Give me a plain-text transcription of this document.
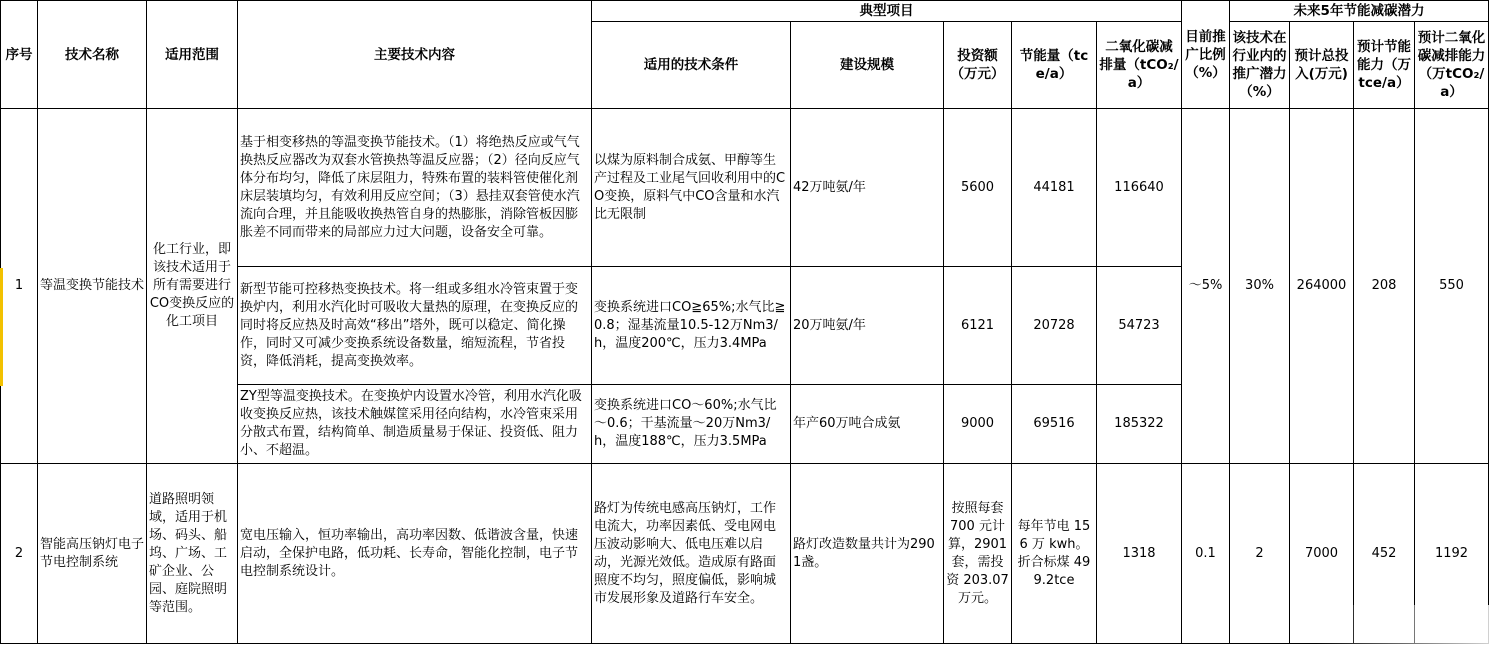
序号	技术名称	适用范围	主要技术内容	典型项目					目前推广比例（%）	未来5年节能减碳潜力			
				适用的技术条件	建设规模	投资额（万元）	节能量（tce/a）	二氧化碳减排量（tCO₂/a）		该技术在行业内的推广潜力（%）	预计总投入(万元)	预计节能能力（万tce/a）	预计二氧化碳减排能力（万tCO₂/a）
1	等温变换节能技术	化工行业，即该技术适用于所有需要进行CO变换反应的化工项目	基于相变移热的等温变换节能技术。（1）将绝热反应或气气换热反应器改为双套水管换热等温反应器；（2）径向反应气体分布均匀，降低了床层阻力，特殊布置的装料管使催化剂床层装填均匀，有效利用反应空间；（3）悬挂双套管使水汽流向合理，并且能吸收换热管自身的热膨胀，消除管板因膨胀差不同而带来的局部应力过大问题，设备安全可靠。	以煤为原料制合成氨、甲醇等生产过程及工业尾气回收利用中的CO变换，原料气中CO含量和水汽比无限制	42万吨氨/年	5600	44181	116640	～5%	30%	264000	208	550
			新型节能可控移热变换技术。将一组或多组水冷管束置于变换炉内，利用水汽化时可吸收大量热的原理，在变换反应的同时将反应热及时高效“移出”塔外，既可以稳定、简化操作，同时又可减少变换系统设备数量，缩短流程，节省投资，降低消耗，提高变换效率。	变换系统进口CO≧65%;水气比≧0.8；湿基流量10.5-12万Nm3/h，温度200℃，压力3.4MPa	20万吨氨/年	6121	20728	54723					
			ZY型等温变换技术。在变换炉内设置水冷管，利用水汽化吸收变换反应热，该技术触媒筐采用径向结构，水冷管束采用分散式布置，结构简单、制造质量易于保证、投资低、阻力小、不超温。	变换系统进口CO～60%;水气比～0.6；干基流量～20万Nm3/h，温度188℃，压力3.5MPa	年产60万吨合成氨	9000	69516	185322					
2	智能高压钠灯电子节电控制系统	道路照明领域，适用于机场、码头、船坞、广场、工矿企业、公园、庭院照明等范围。	宽电压输入，恒功率输出，高功率因数、低谐波含量，快速启动，全保护电路，低功耗、长寿命，智能化控制，电子节电控制系统设计。	路灯为传统电感高压钠灯，工作电流大，功率因素低、受电网电压波动影响大、低电压难以启动，光源光效低。造成原有路面照度不均匀，照度偏低，影响城市发展形象及道路行车安全。	路灯改造数量共计为2901盏。	按照每套 700 元计算，2901 套，需投资 203.07 万元。	每年节电 156 万 kwh。折合标煤 499.2tce	1318	0.1	2	7000	452	1192
